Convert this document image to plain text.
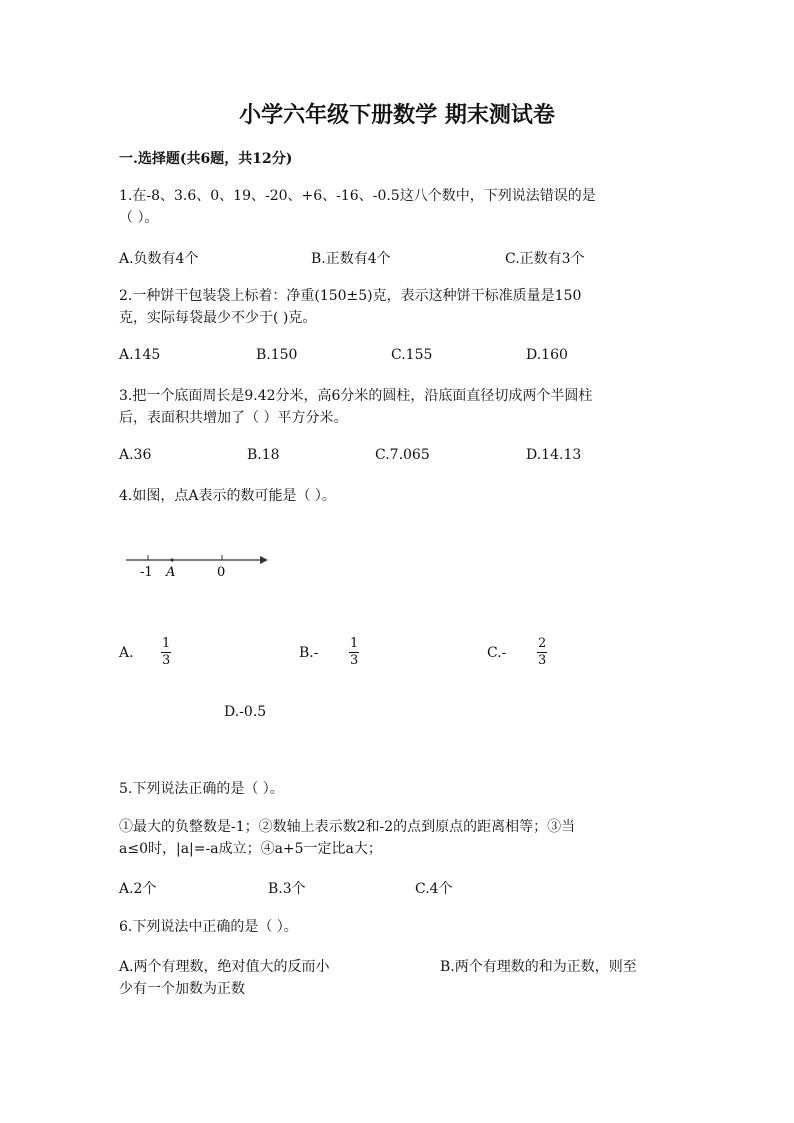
小学六年级下册数学 期末测试卷
一.选择题(共6题，共12分)
1.在-8、3.6、0、19、-20、+6、-16、-0.5这八个数中，下列说法错误的是
（ ）。
A.负数有4个	B.正数有4个	C.正数有3个
2.一种饼干包装袋上标着：净重(150±5)克，表示这种饼干标准质量是150
克，实际每袋最少不少于( )克。
A.145	B.150	C.155	D.160
3.把一个底面周长是9.42分米，高6分米的圆柱，沿底面直径切成两个半圆柱
后，表面积共增加了（ ）平方分米。
A.36	B.18	C.7.065	D.14.13
4.如图，点A表示的数可能是（ ）。
-1 A	0
A.
1
3	B.-
1
3	C.-
2
3
D.-0.5
5.下列说法正确的是（ ）。
①最大的负整数是-1；②数轴上表示数2和-2的点到原点的距离相等；③当
a≤0时，|a|=-a成立；④a+5一定比a大；
A.2个	B.3个	C.4个
6.下列说法中正确的是（ ）。
A.两个有理数，绝对值大的反而小	B.两个有理数的和为正数，则至
少有一个加数为正数
